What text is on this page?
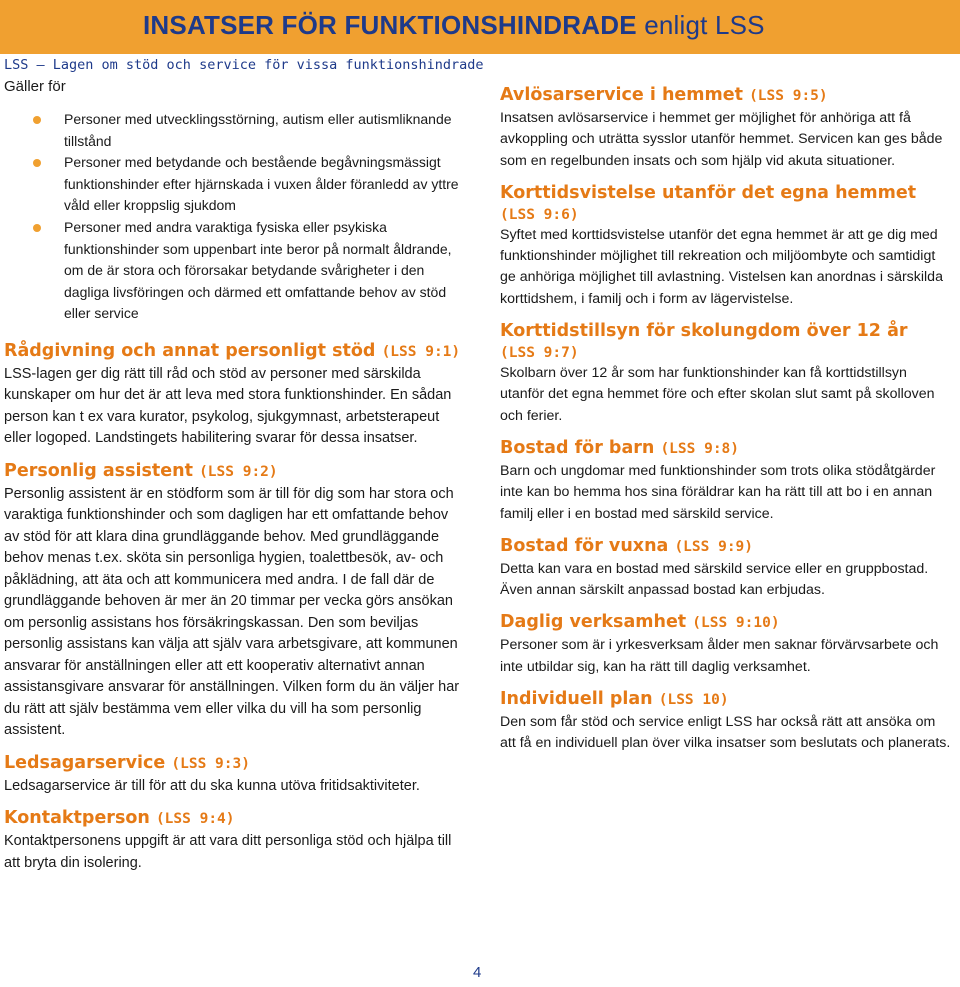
INSATSER FÖR FUNKTIONSHINDRADE enligt LSS
LSS – Lagen om stöd och service för vissa funktionshindrade

Gäller för

Personer med utvecklingsstörning, autism eller autismliknande tillstånd
Personer med betydande och bestående begåvningsmässigt funktionshinder efter hjärnskada i vuxen ålder föranledd av yttre våld eller kroppslig sjukdom
Personer med andra varaktiga fysiska eller psykiska funktionshinder som uppenbart inte beror på normalt åldrande, om de är stora och förorsakar betydande svårigheter i den dagliga livsföringen och därmed ett omfattande behov av stöd eller service
Rådgivning och annat personligt stöd (LSS 9:1)

LSS-lagen ger dig rätt till råd och stöd av personer med särskilda kunskaper om hur det är att leva med stora funktionshinder. En sådan person kan t ex vara kurator, psykolog, sjukgymnast, arbetsterapeut eller logoped. Landstingets habilitering svarar för dessa insatser.

Personlig assistent (LSS 9:2)

Personlig assistent är en stödform som är till för dig som har stora och varaktiga funktionshinder och som dagligen har ett omfattande behov av stöd för att klara dina grundläggande behov. Med grundläggande behov menas t.ex. sköta sin personliga hygien, toalettbesök, av- och påklädning, att äta och att kommunicera med andra. I de fall där de grundläggande behoven är mer än 20 timmar per vecka görs ansökan om personlig assistans hos försäkringskassan. Den som beviljas personlig assistans kan välja att själv vara arbetsgivare, att kommunen ansvarar för anställningen eller att ett kooperativ alternativt annan assistansgivare ansvarar för anställningen. Vilken form du än väljer har du rätt att själv bestämma vem eller vilka du vill ha som personlig assistent.

Ledsagarservice (LSS 9:3)

Ledsagarservice är till för att du ska kunna utöva fritidsaktiviteter.

Kontaktperson (LSS 9:4)

Kontaktpersonens uppgift är att vara ditt personliga stöd och hjälpa till att bryta din isolering.

Avlösarservice i hemmet (LSS 9:5)

Insatsen avlösarservice i hemmet ger möjlighet för anhöriga att få avkoppling och uträtta sysslor utanför hemmet. Servicen kan ges både som en regelbunden insats och som hjälp vid akuta situationer.

Korttidsvistelse utanför det egna hemmet
(LSS 9:6)

Syftet med korttidsvistelse utanför det egna hemmet är att ge dig med funktionshinder möjlighet till rekreation och miljöombyte och samtidigt ge anhöriga möjlighet till avlastning. Vistelsen kan anordnas i särskilda korttidshem, i familj och i form av lägervistelse.

Korttidstillsyn för skolungdom över 12 år
(LSS 9:7)

Skolbarn över 12 år som har funktionshinder kan få korttidstillsyn utanför det egna hemmet före och efter skolan slut samt på skolloven och ferier.

Bostad för barn (LSS 9:8)

Barn och ungdomar med funktionshinder som trots olika stödåtgärder inte kan bo hemma hos sina föräldrar kan ha rätt till att bo i en annan familj eller i en bostad med särskild service.

Bostad för vuxna (LSS 9:9)

Detta kan vara en bostad med särskild service eller en gruppbostad. Även annan särskilt anpassad bostad kan erbjudas.

Daglig verksamhet (LSS 9:10)

Personer som är i yrkesverksam ålder men saknar förvärvsarbete och inte utbildar sig, kan ha rätt till daglig verksamhet.

Individuell plan (LSS 10)

Den som får stöd och service enligt LSS har också rätt att ansöka om att få en individuell plan över vilka insatser som beslutats och planerats.

4
